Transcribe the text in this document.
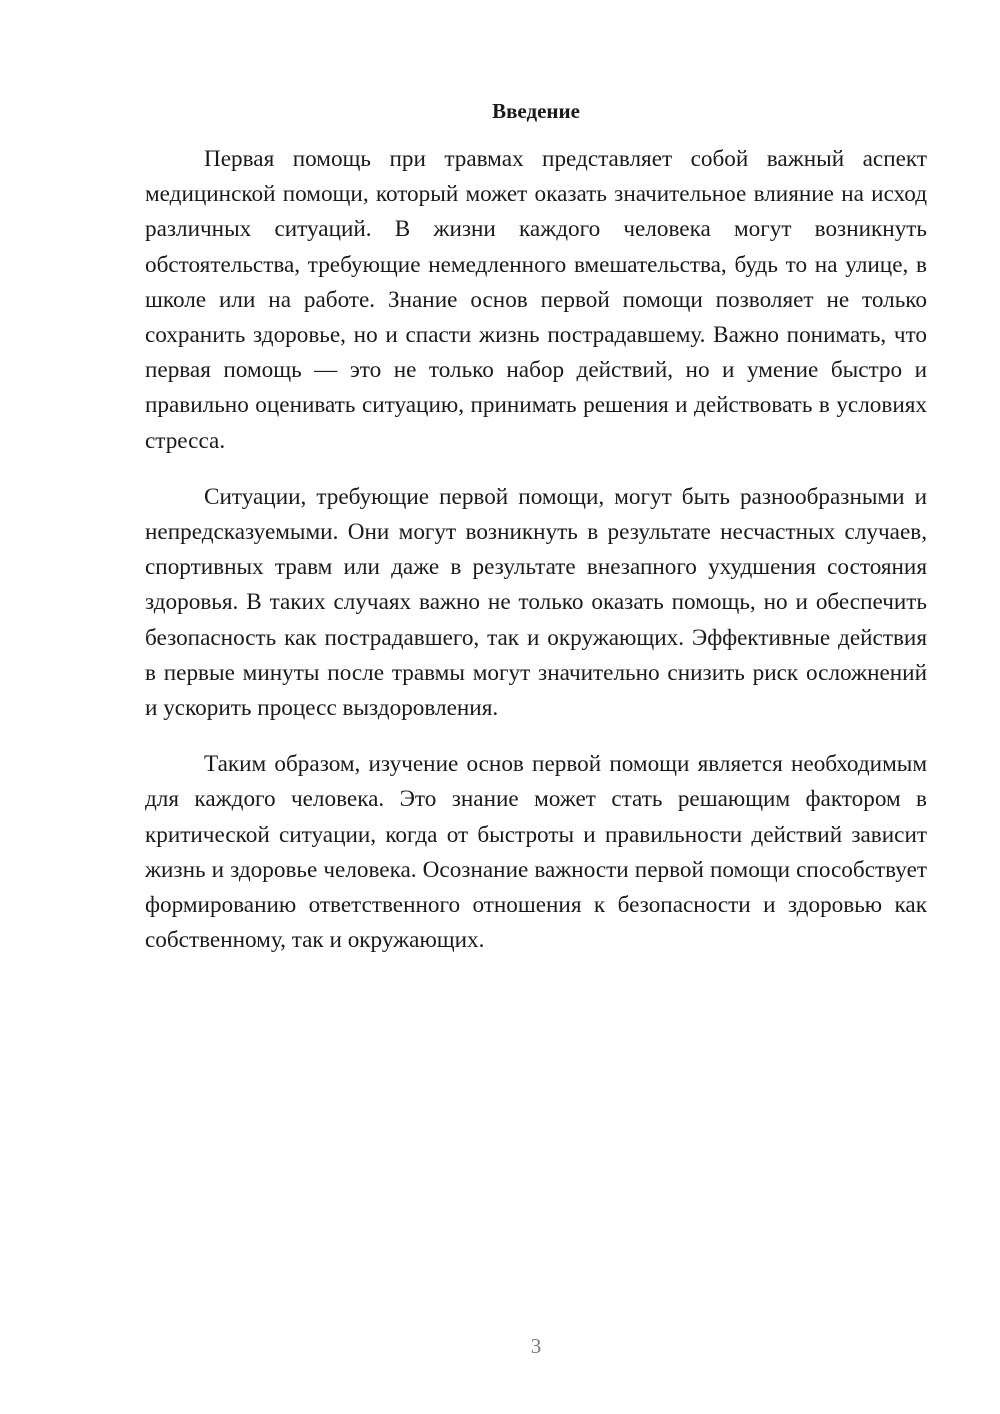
Введение

Первая помощь при травмах представляет собой важный аспект медицинской помощи, который может оказать значительное влияние на исход различных ситуаций. В жизни каждого человека могут возникнуть обстоятельства, требующие немедленного вмешательства, будь то на улице, в школе или на работе. Знание основ первой помощи позволяет не только сохранить здоровье, но и спасти жизнь пострадавшему. Важно понимать, что первая помощь — это не только набор действий, но и умение быстро и правильно оценивать ситуацию, принимать решения и действовать в условиях стресса.

Ситуации, требующие первой помощи, могут быть разнообразными и непредсказуемыми. Они могут возникнуть в результате несчастных случаев, спортивных травм или даже в результате внезапного ухудшения состояния здоровья. В таких случаях важно не только оказать помощь, но и обеспечить безопасность как пострадавшего, так и окружающих. Эффективные действия в первые минуты после травмы могут значительно снизить риск осложнений и ускорить процесс выздоровления.

Таким образом, изучение основ первой помощи является необходимым для каждого человека. Это знание может стать решающим фактором в критической ситуации, когда от быстроты и правильности действий зависит жизнь и здоровье человека. Осознание важности первой помощи способствует формированию ответственного отношения к безопасности и здоровью как собственному, так и окружающих.

3
